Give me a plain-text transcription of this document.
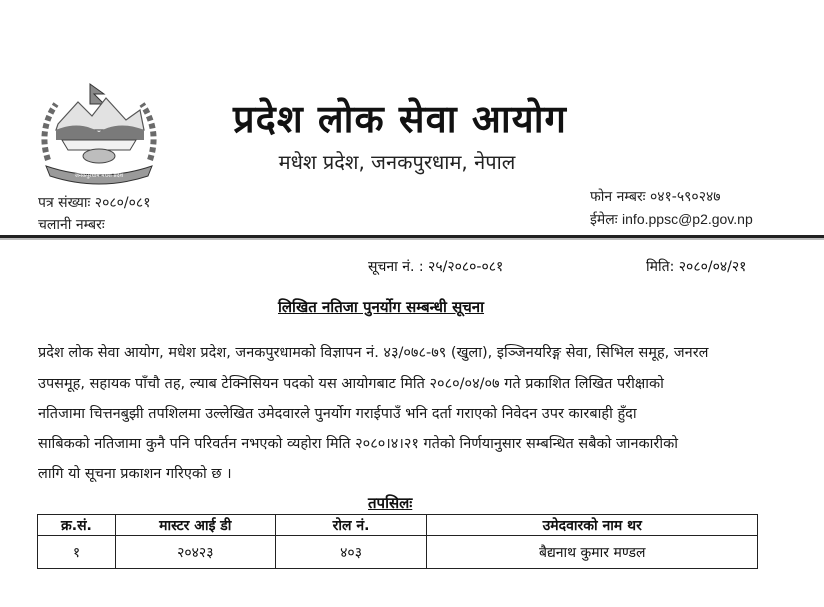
जनकपुरधाम मधेश प्रदेश
प्रदेश लोक सेवा आयोग
मधेश प्रदेश, जनकपुरधाम, नेपाल
पत्र संख्याः २०८०/०८१
चलानी नम्बरः
फोन नम्बरः ०४१-५९०२४७
ईमेलः info.ppsc@p2.gov.np
सूचना नं. : २५/२०८०-०८१	मिति: २०८०/०४/२१
लिखित नतिजा पुनर्योग सम्बन्धी सूचना
प्रदेश लोक सेवा आयोग, मधेश प्रदेश, जनकपुरधामको विज्ञापन नं. ४३/०७८-७९ (खुला), इञ्जिनयरिङ्ग सेवा, सिभिल समूह, जनरल
उपसमूह, सहायक पाँचौ तह, ल्याब टेक्निसियन पदको यस आयोगबाट मिति २०८०/०४/०७ गते प्रकाशित लिखित परीक्षाको
नतिजामा चित्तनबुझी तपशिलमा उल्लेखित उमेदवारले पुनर्योग गराईपाउँ भनि दर्ता गराएको निवेदन उपर कारबाही हुँदा
साबिकको नतिजामा कुनै पनि परिवर्तन नभएको व्यहोरा मिति २०८०।४।२१ गतेको निर्णयानुसार सम्बन्धित सबैको जानकारीको
लागि यो सूचना प्रकाशन गरिएको छ ।
तपसिलः
क्र.सं.	मास्टर आई डी	रोल नं.	उमेदवारको नाम थर
१	२०४२३	४०३	बैद्यनाथ कुमार मण्डल
